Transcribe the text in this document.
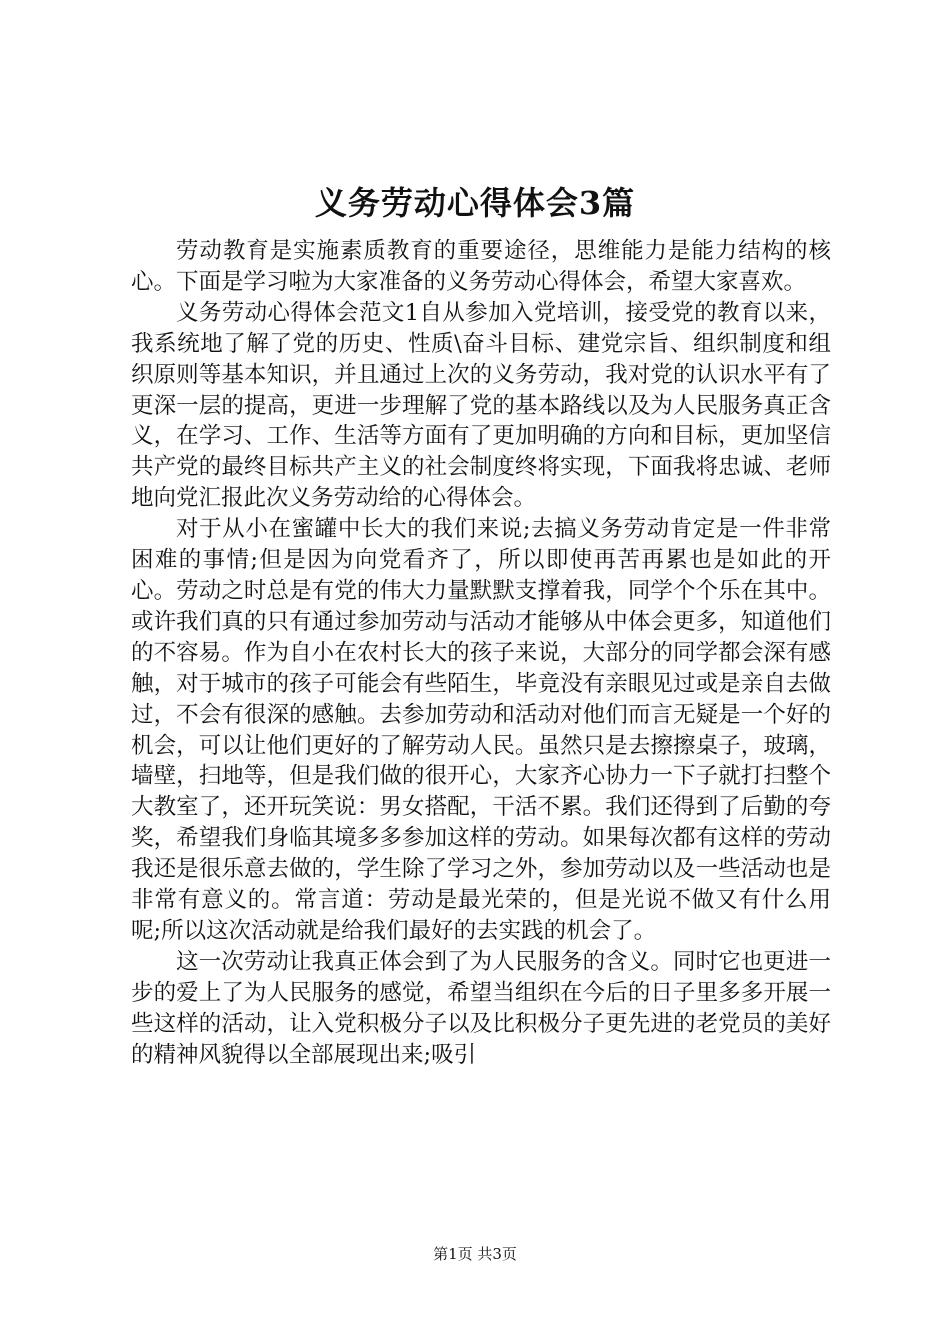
义务劳动心得体会3篇

劳动教育是实施素质教育的重要途径，思维能力是能力结构的核心。下面是学习啦为大家准备的义务劳动心得体会，希望大家喜欢。

义务劳动心得体会范文1自从参加入党培训，接受党的教育以来，我系统地了解了党的历史、性质\奋斗目标、建党宗旨、组织制度和组织原则等基本知识，并且通过上次的义务劳动，我对党的认识水平有了更深一层的提高，更进一步理解了党的基本路线以及为人民服务真正含义，在学习、工作、生活等方面有了更加明确的方向和目标，更加坚信共产党的最终目标共产主义的社会制度终将实现，下面我将忠诚、老师地向党汇报此次义务劳动给的心得体会。

对于从小在蜜罐中长大的我们来说;去搞义务劳动肯定是一件非常困难的事情;但是因为向党看齐了，所以即使再苦再累也是如此的开心。劳动之时总是有党的伟大力量默默支撑着我，同学个个乐在其中。或许我们真的只有通过参加劳动与活动才能够从中体会更多，知道他们的不容易。作为自小在农村长大的孩子来说，大部分的同学都会深有感触，对于城市的孩子可能会有些陌生，毕竟没有亲眼见过或是亲自去做过，不会有很深的感触。去参加劳动和活动对他们而言无疑是一个好的机会，可以让他们更好的了解劳动人民。虽然只是去擦擦桌子，玻璃，墙壁，扫地等，但是我们做的很开心，大家齐心协力一下子就打扫整个大教室了，还开玩笑说：男女搭配，干活不累。我们还得到了后勤的夸奖，希望我们身临其境多多参加这样的劳动。如果每次都有这样的劳动我还是很乐意去做的，学生除了学习之外，参加劳动以及一些活动也是非常有意义的。常言道：劳动是最光荣的，但是光说不做又有什么用呢;所以这次活动就是给我们最好的去实践的机会了。

这一次劳动让我真正体会到了为人民服务的含义。同时它也更进一步的爱上了为人民服务的感觉，希望当组织在今后的日子里多多开展一些这样的活动，让入党积极分子以及比积极分子更先进的老党员的美好的精神风貌得以全部展现出来;吸引

第1页 共3页
